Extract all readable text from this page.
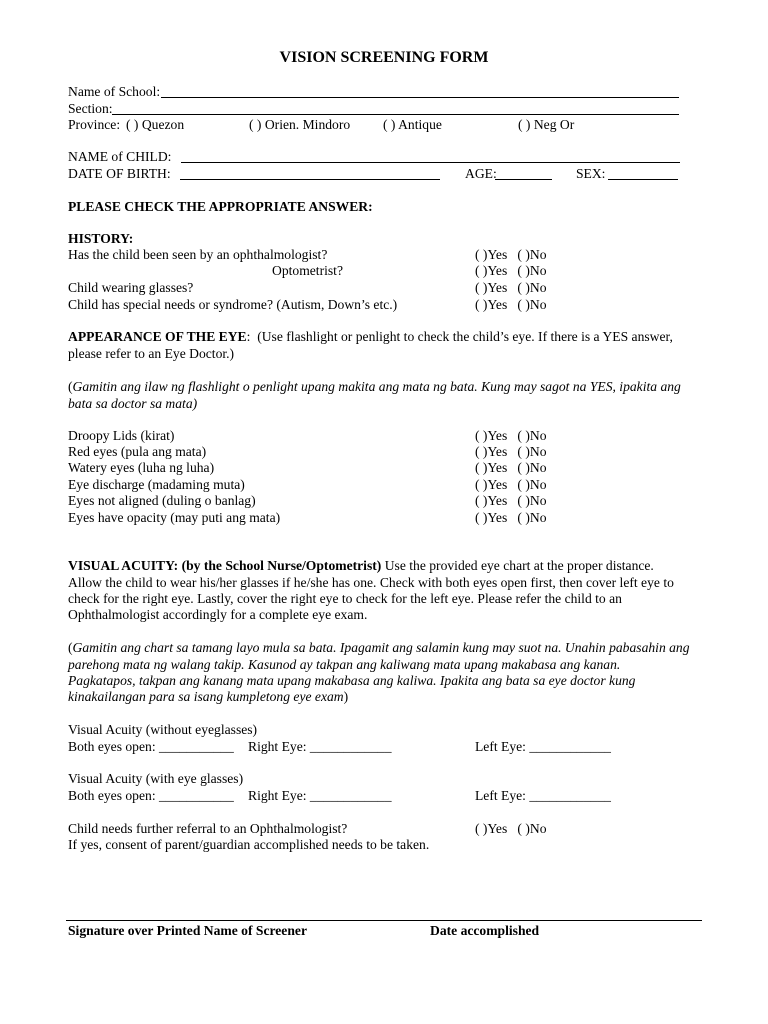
VISION SCREENING FORM
Name of School:
Section:
Province: ( ) Quezon	( ) Orien. Mindoro ( ) Antique	( ) Neg Or
NAME of CHILD:
DATE OF BIRTH:	AGE:	SEX:
PLEASE CHECK THE APPROPRIATE ANSWER:
HISTORY:
Has the child been seen by an ophthalmologist?	( )Yes   ( )No
Optometrist?	( )Yes   ( )No
Child wearing glasses?	( )Yes   ( )No
Child has special needs or syndrome? (Autism, Down’s etc.)	( )Yes   ( )No
APPEARANCE OF THE EYE:  (Use flashlight or penlight to check the child’s eye. If there is a YES answer,
please refer to an Eye Doctor.)
(Gamitin ang ilaw ng flashlight o penlight upang makita ang mata ng bata. Kung may sagot na YES, ipakita ang
bata sa doctor sa mata)
Droopy Lids (kirat)	( )Yes   ( )No
Red eyes (pula ang mata)	( )Yes   ( )No
Watery eyes (luha ng luha)	( )Yes   ( )No
Eye discharge (madaming muta)	( )Yes   ( )No
Eyes not aligned (duling o banlag)	( )Yes   ( )No
Eyes have opacity (may puti ang mata)	( )Yes   ( )No
VISUAL ACUITY: (by the School Nurse/Optometrist) Use the provided eye chart at the proper distance.
Allow the child to wear his/her glasses if he/she has one. Check with both eyes open first, then cover left eye to
check for the right eye. Lastly, cover the right eye to check for the left eye. Please refer the child to an
Ophthalmologist accordingly for a complete eye exam.
(Gamitin ang chart sa tamang layo mula sa bata. Ipagamit ang salamin kung may suot na. Unahin pabasahin ang
parehong mata ng walang takip. Kasunod ay takpan ang kaliwang mata upang makabasa ang kanan.
Pagkatapos, takpan ang kanang mata upang makabasa ang kaliwa. Ipakita ang bata sa eye doctor kung
kinakailangan para sa isang kumpletong eye exam)
Visual Acuity (without eyeglasses)
Both eyes open: ___________ Right Eye: ____________	Left Eye: ____________
Visual Acuity (with eye glasses)
Both eyes open: ___________ Right Eye: ____________	Left Eye: ____________
Child needs further referral to an Ophthalmologist?	( )Yes   ( )No
If yes, consent of parent/guardian accomplished needs to be taken.
Signature over Printed Name of Screener	Date accomplished
